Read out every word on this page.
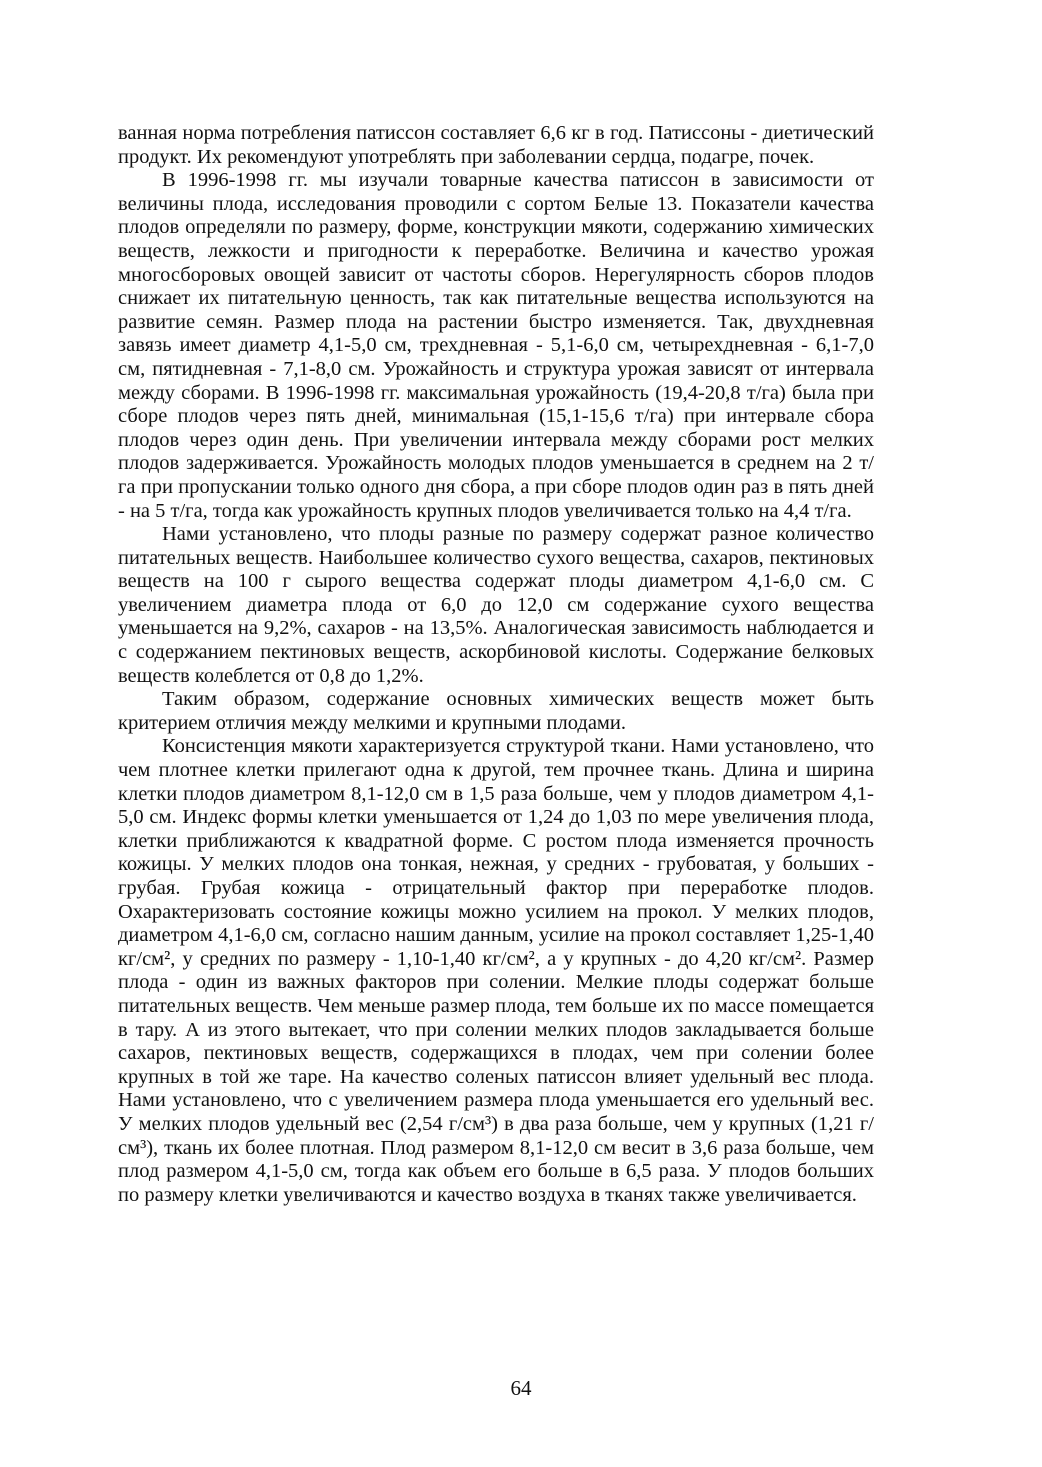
ванная норма потребления патиссон составляет 6,6 кг в год. Патиссоны - диетический продукт. Их рекомендуют употреблять при заболевании сердца, подагре, почек.

В 1996-1998 гг. мы изучали товарные качества патиссон в зависимости от величины плода, исследования проводили с сортом Белые 13. Показатели качества плодов определяли по размеру, форме, конструкции мякоти, содержанию химических веществ, лежкости и пригодности к переработке. Величина и качество урожая многосборовых овощей зависит от частоты сборов. Нерегулярность сборов плодов снижает их питательную ценность, так как питательные вещества используются на развитие семян. Размер плода на растении быстро изменяется. Так, двухдневная завязь имеет диаметр 4,1-5,0 см, трехдневная - 5,1-6,0 см, четырехдневная - 6,1-7,0 см, пятидневная - 7,1-8,0 см. Урожайность и структура урожая зависят от интервала между сборами. В 1996-1998 гг. максимальная урожайность (19,4-20,8 т/га) была при сборе плодов через пять дней, минимальная (15,1-15,6 т/га) при интервале сбора плодов через один день. При увеличении интервала между сборами рост мелких плодов задерживается. Урожайность молодых плодов уменьшается в среднем на 2 т/га при пропускании только одного дня сбора, а при сборе плодов один раз в пять дней - на 5 т/га, тогда как урожайность крупных плодов увеличивается только на 4,4 т/га.

Нами установлено, что плоды разные по размеру содержат разное количество питательных веществ. Наибольшее количество сухого вещества, сахаров, пектиновых веществ на 100 г сырого вещества содержат плоды диаметром 4,1-6,0 см. С увеличением диаметра плода от 6,0 до 12,0 см содержание сухого вещества уменьшается на 9,2%, сахаров - на 13,5%. Аналогическая зависимость наблюдается и с содержанием пектиновых веществ, аскорбиновой кислоты. Содержание белковых веществ колеблется от 0,8 до 1,2%.

Таким образом, содержание основных химических веществ может быть критерием отличия между мелкими и крупными плодами.

Консистенция мякоти характеризуется структурой ткани. Нами установлено, что чем плотнее клетки прилегают одна к другой, тем прочнее ткань. Длина и ширина клетки плодов диаметром 8,1-12,0 см в 1,5 раза больше, чем у плодов диаметром 4,1-5,0 см. Индекс формы клетки уменьшается от 1,24 до 1,03 по мере увеличения плода, клетки приближаются к квадратной форме. С ростом плода изменяется прочность кожицы. У мелких плодов она тонкая, нежная, у средних - грубоватая, у больших - грубая. Грубая кожица - отрицательный фактор при переработке плодов. Охарактеризовать состояние кожицы можно усилием на прокол. У мелких плодов, диаметром 4,1-6,0 см, согласно нашим данным, усилие на прокол составляет 1,25-1,40 кг/см², у средних по размеру - 1,10-1,40 кг/см², а у крупных - до 4,20 кг/см². Размер плода - один из важных факторов при солении. Мелкие плоды содержат больше питательных веществ. Чем меньше размер плода, тем больше их по массе помещается в тару. А из этого вытекает, что при солении мелких плодов закладывается больше сахаров, пектиновых веществ, содержащихся в плодах, чем при солении более крупных в той же таре. На качество соленых патиссон влияет удельный вес плода. Нами установлено, что с увеличением размера плода уменьшается его удельный вес. У мелких плодов удельный вес (2,54 г/см³) в два раза больше, чем у крупных (1,21 г/см³), ткань их более плотная. Плод размером 8,1-12,0 см весит в 3,6 раза больше, чем плод размером 4,1-5,0 см, тогда как объем его больше в 6,5 раза. У плодов больших по размеру клетки увеличиваются и качество воздуха в тканях также увеличивается.

64
